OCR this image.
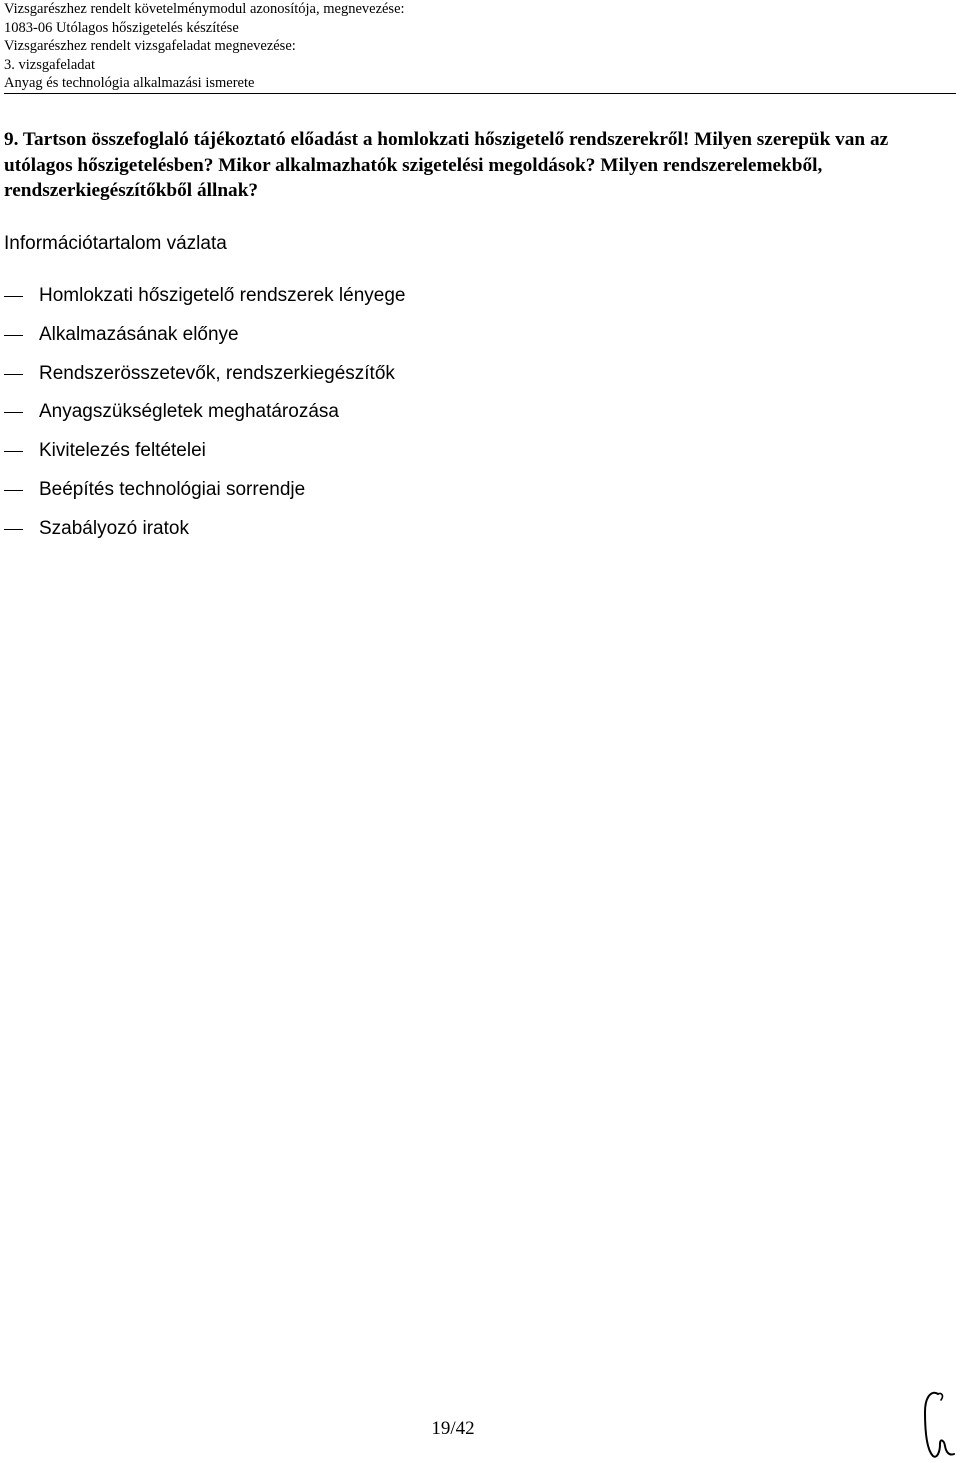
Vizsgarészhez rendelt követelménymodul azonosítója, megnevezése:
1083-06 Utólagos hőszigetelés készítése
Vizsgarészhez rendelt vizsgafeladat megnevezése:
3. vizsgafeladat
Anyag és technológia alkalmazási ismerete
9. Tartson összefoglaló tájékoztató előadást a homlokzati hőszigetelő rendszerekről! Milyen szerepük van az utólagos hőszigetelésben? Mikor alkalmazhatók szigetelési megoldások? Milyen rendszerelemekből, rendszerkiegészítőkből állnak?
Információtartalom vázlata
Homlokzati hőszigetelő rendszerek lényege
Alkalmazásának előnye
Rendszerösszetevők, rendszerkiegészítők
Anyagszükségletek meghatározása
Kivitelezés feltételei
Beépítés technológiai sorrendje
Szabályozó iratok
19/42
